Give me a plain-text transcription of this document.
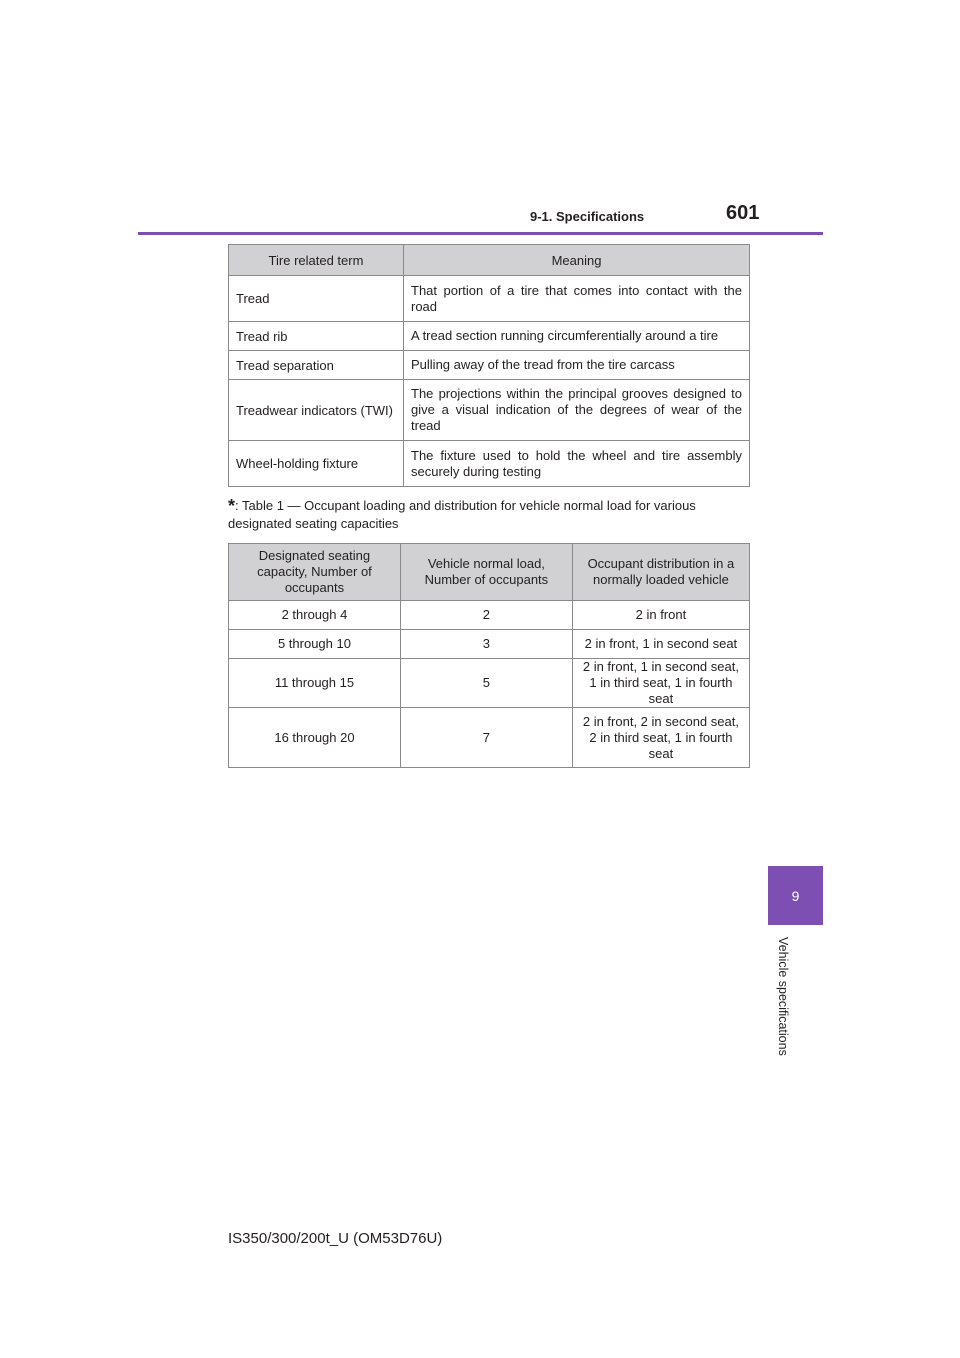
9-1. Specifications	601
Tire related term	Meaning
Tread	That portion of a tire that comes into contact with the road
Tread rib	A tread section running circumferentially around a tire
Tread separation	Pulling away of the tread from the tire carcass
Treadwear indicators (TWI)	The projections within the principal grooves designed to give a visual indication of the degrees of wear of the tread
Wheel-holding fixture	The fixture used to hold the wheel and tire assembly securely during testing
*: Table 1 — Occupant loading and distribution for vehicle normal load for various designated seating capacities
Designated seating capacity, Number of occupants	Vehicle normal load, Number of occupants	Occupant distribution in a normally loaded vehicle
2 through 4	2	2 in front
5 through 10	3	2 in front, 1 in second seat
11 through 15	5	2 in front, 1 in second seat, 1 in third seat, 1 in fourth seat
16 through 20	7	2 in front, 2 in second seat, 2 in third seat, 1 in fourth seat
9
Vehicle specifications
IS350/300/200t_U (OM53D76U)
